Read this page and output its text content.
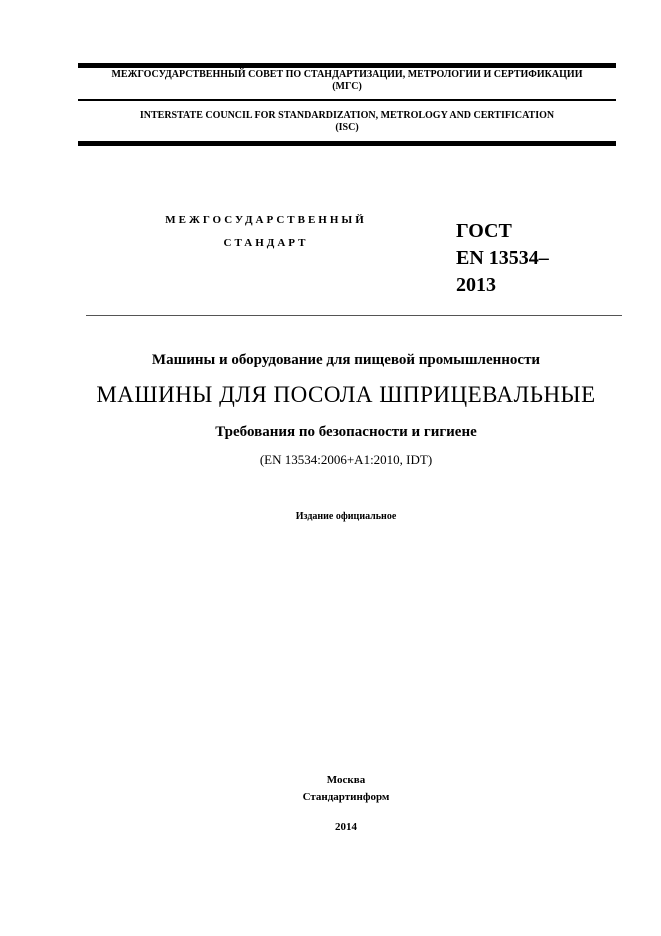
МЕЖГОСУДАРСТВЕННЫЙ СОВЕТ ПО СТАНДАРТИЗАЦИИ, МЕТРОЛОГИИ И СЕРТИФИКАЦИИ
(МГС)
INTERSTATE COUNCIL FOR STANDARDIZATION, METROLOGY AND CERTIFICATION
(ISC)
МЕЖГОСУДАРСТВЕННЫЙ
СТАНДАРТ
ГОСТ
EN 13534–
2013
Машины и оборудование для пищевой промышленности
МАШИНЫ ДЛЯ ПОСОЛА ШПРИЦЕВАЛЬНЫЕ
Требования по безопасности и гигиене
(EN 13534:2006+A1:2010, IDT)
Издание официальное
Москва
Стандартинформ
2014
